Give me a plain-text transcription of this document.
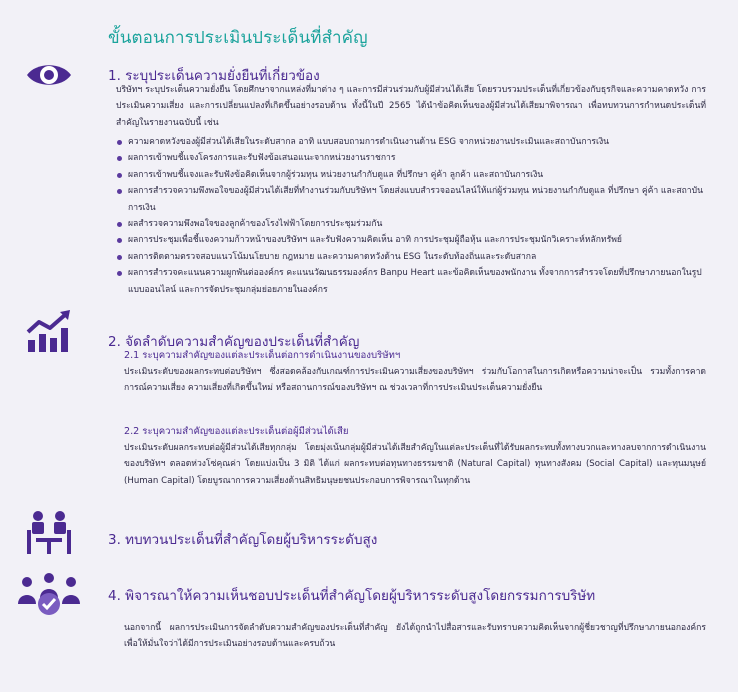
ขั้นตอนการประเมินประเด็นที่สำคัญ
1. ระบุประเด็นความยั่งยืนที่เกี่ยวข้อง
บริษัทฯ ระบุประเด็นความยั่งยืน โดยศึกษาจากแหล่งที่มาต่าง ๆ และการมีส่วนร่วมกับผู้มีส่วนได้เสีย โดยรวบรวมประเด็นที่เกี่ยวข้องกับธุรกิจและความคาดหวัง การประเมินความเสี่ยง และการเปลี่ยนแปลงที่เกิดขึ้นอย่างรอบด้าน ทั้งนี้ในปี 2565 ได้นำข้อคิดเห็นของผู้มีส่วนได้เสียมาพิจารณา เพื่อทบทวนการกำหนดประเด็นที่สำคัญในรายงานฉบับนี้ เช่น
ความคาดหวังของผู้มีส่วนได้เสียในระดับสากล อาทิ แบบสอบถามการดำเนินงานด้าน ESG จากหน่วยงานประเมินและสถาบันการเงิน
ผลการเข้าพบชี้แจงโครงการและรับฟังข้อเสนอแนะจากหน่วยงานราชการ
ผลการเข้าพบชี้แจงและรับฟังข้อคิดเห็นจากผู้ร่วมทุน หน่วยงานกำกับดูแล ที่ปรึกษา คู่ค้า ลูกค้า และสถาบันการเงิน
ผลการสำรวจความพึงพอใจของผู้มีส่วนได้เสียที่ทำงานร่วมกับบริษัทฯ โดยส่งแบบสำรวจออนไลน์ให้แก่ผู้ร่วมทุน หน่วยงานกำกับดูแล ที่ปรึกษา คู่ค้า และสถาบันการเงิน
ผลสำรวจความพึงพอใจของลูกค้าของโรงไฟฟ้าโดยการประชุมร่วมกัน
ผลการประชุมเพื่อชี้แจงความก้าวหน้าของบริษัทฯ และรับฟังความคิดเห็น อาทิ การประชุมผู้ถือหุ้น และการประชุมนักวิเคราะห์หลักทรัพย์
ผลการติดตามตรวจสอบแนวโน้มนโยบาย กฎหมาย และความคาดหวังด้าน ESG ในระดับท้องถิ่นและระดับสากล
ผลการสำรวจคะแนนความผูกพันต่อองค์กร คะแนนวัฒนธรรมองค์กร Banpu Heart และข้อคิดเห็นของพนักงาน ทั้งจากการสำรวจโดยที่ปรึกษาภายนอกในรูปแบบออนไลน์ และการจัดประชุมกลุ่มย่อยภายในองค์กร
2. จัดลำดับความสำคัญของประเด็นที่สำคัญ
2.1 ระบุความสำคัญของแต่ละประเด็นต่อการดำเนินงานของบริษัทฯ
ประเมินระดับของผลกระทบต่อบริษัทฯ ซึ่งสอดคล้องกับเกณฑ์การประเมินความเสี่ยงของบริษัทฯ ร่วมกับโอกาสในการเกิดหรือความน่าจะเป็น รวมทั้งการคาดการณ์ความเสี่ยง ความเสี่ยงที่เกิดขึ้นใหม่ หรือสถานการณ์ของบริษัทฯ ณ ช่วงเวลาที่การประเมินประเด็นความยั่งยืน
2.2 ระบุความสำคัญของแต่ละประเด็นต่อผู้มีส่วนได้เสีย
ประเมินระดับผลกระทบต่อผู้มีส่วนได้เสียทุกกลุ่ม โดยมุ่งเน้นกลุ่มผู้มีส่วนได้เสียสำคัญในแต่ละประเด็นที่ได้รับผลกระทบทั้งทางบวกและทางลบจากการดำเนินงานของบริษัทฯ ตลอดห่วงโซ่คุณค่า โดยแบ่งเป็น 3 มิติ ได้แก่ ผลกระทบต่อทุนทางธรรมชาติ (Natural Capital) ทุนทางสังคม (Social Capital) และทุนมนุษย์ (Human Capital) โดยบูรณาการความเสี่ยงด้านสิทธิมนุษยชนประกอบการพิจารณาในทุกด้าน
3. ทบทวนประเด็นที่สำคัญโดยผู้บริหารระดับสูง
4. พิจารณาให้ความเห็นชอบประเด็นที่สำคัญโดยผู้บริหารระดับสูงโดยกรรมการบริษัท
นอกจากนี้ ผลการประเมินการจัดลำดับความสำคัญของประเด็นที่สำคัญ ยังได้ถูกนำไปสื่อสารและรับทราบความคิดเห็นจากผู้ชี่ยวชาญที่ปรึกษาภายนอกองค์กร เพื่อให้มั่นใจว่าได้มีการประเมินอย่างรอบด้านและครบถ้วน
